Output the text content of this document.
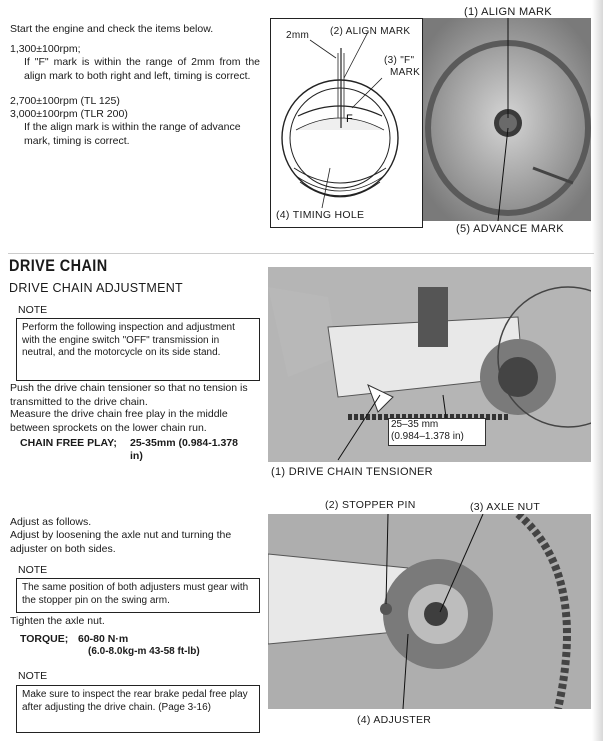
Start the engine and check the items below.
1,300±100rpm;
If "F" mark is within the range of 2mm from the align mark to both right and left, timing is correct.
2,700±100rpm (TL 125)
3,000±100rpm (TLR 200)
If the align mark is within the range of advance mark, timing is correct.
F
2mm (2) ALIGN MARK
(3) "F"
MARK
(4) TIMING HOLE
(1) ALIGN MARK
(5) ADVANCE MARK
DRIVE CHAIN
DRIVE CHAIN ADJUSTMENT
NOTE
Perform the following inspection and adjustment with the engine switch "OFF" transmission in neutral, and the motorcycle on its side stand.
Push the drive chain tensioner so that no tension is transmitted to the drive chain.
Measure the drive chain free play in the middle between sprockets on the lower chain run.
CHAIN FREE PLAY; 25-35mm (0.984-1.378
in)
25–35 mm
(0.984–1.378 in)
(1) DRIVE CHAIN TENSIONER
Adjust as follows.
Adjust by loosening the axle nut and turning the adjuster on both sides.
NOTE
The same position of both adjusters must gear with the stopper pin on the swing arm.
Tighten the axle nut.
TORQUE; 60-80 N·m
(6.0-8.0kg-m 43-58 ft-lb)
NOTE
Make sure to inspect the rear brake pedal free play after adjusting the drive chain. (Page 3-16)
(2) STOPPER PIN	(3) AXLE NUT
(4) ADJUSTER
